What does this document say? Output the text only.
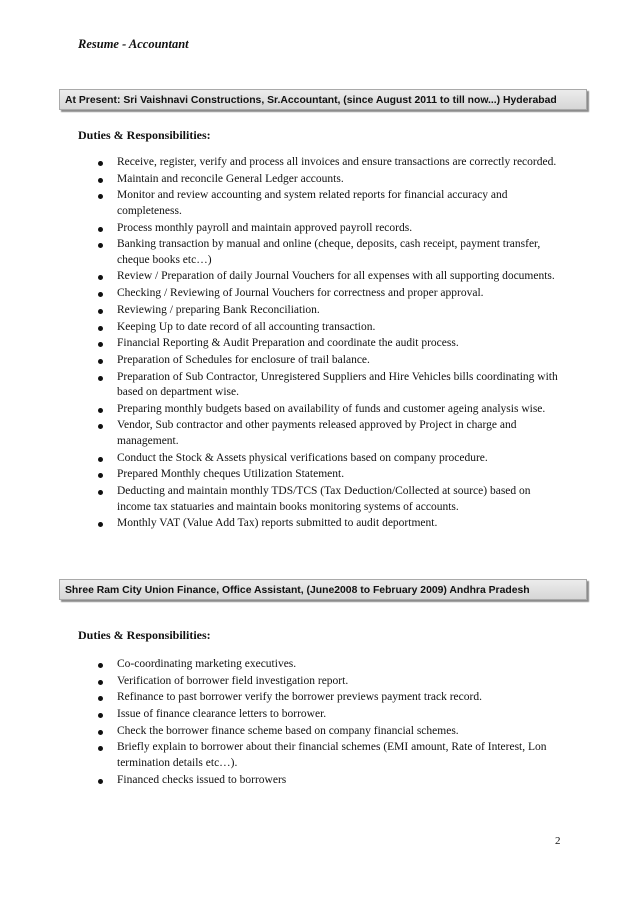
Resume - Accountant
At Present: Sri Vaishnavi Constructions, Sr.Accountant, (since August 2011 to till now...) Hyderabad
Duties & Responsibilities:
Receive, register, verify and process all invoices and ensure transactions are correctly recorded.
Maintain and reconcile General Ledger accounts.
Monitor and review accounting and system related reports for financial accuracy and completeness.
Process monthly payroll and maintain approved payroll records.
Banking transaction by manual and online (cheque, deposits, cash receipt, payment transfer, cheque books etc…)
Review / Preparation of daily Journal Vouchers for all expenses with all supporting documents.
Checking / Reviewing of Journal Vouchers for correctness and proper approval.
Reviewing / preparing Bank Reconciliation.
Keeping Up to date record of all accounting transaction.
Financial Reporting & Audit Preparation and coordinate the audit process.
Preparation of Schedules for enclosure of trail balance.
Preparation of Sub Contractor, Unregistered Suppliers and Hire Vehicles bills coordinating with based on department wise.
Preparing monthly budgets based on availability of funds and customer ageing analysis wise.
Vendor, Sub contractor and other payments released approved by Project in charge and management.
Conduct the Stock & Assets physical verifications based on company procedure.
Prepared Monthly cheques Utilization Statement.
Deducting and maintain monthly TDS/TCS (Tax Deduction/Collected at source) based on income tax statuaries and maintain books monitoring systems of accounts.
Monthly VAT (Value Add Tax) reports submitted to audit deportment.
Shree Ram City Union Finance, Office Assistant, (June2008 to February 2009) Andhra Pradesh
Duties & Responsibilities:
Co-coordinating marketing executives.
Verification of borrower field investigation report.
Refinance to past borrower verify the borrower previews payment track record.
Issue of finance clearance letters to borrower.
Check the borrower finance scheme based on company financial schemes.
Briefly explain to borrower about their financial schemes (EMI amount, Rate of Interest, Lon termination details etc…).
Financed checks issued to borrowers
2
